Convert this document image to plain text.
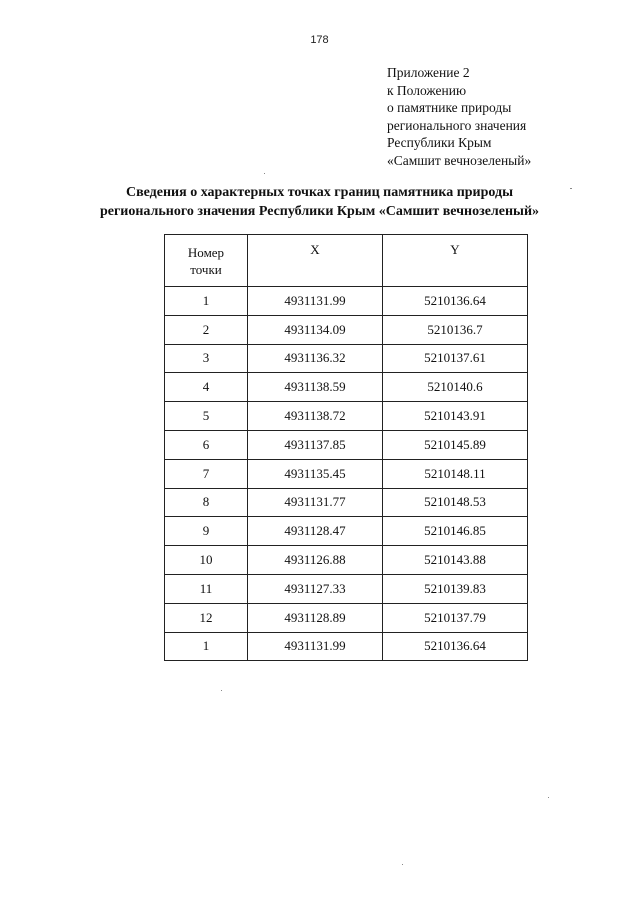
178
Приложение 2
к Положению
о памятнике природы
регионального значения
Республики Крым
«Самшит вечнозеленый»
Сведения о характерных точках границ памятника природы
регионального значения Республики Крым «Самшит вечнозеленый»
Номер
точки	X	Y
1	4931131.99	5210136.64
2	4931134.09	5210136.7
3	4931136.32	5210137.61
4	4931138.59	5210140.6
5	4931138.72	5210143.91
6	4931137.85	5210145.89
7	4931135.45	5210148.11
8	4931131.77	5210148.53
9	4931128.47	5210146.85
10	4931126.88	5210143.88
11	4931127.33	5210139.83
12	4931128.89	5210137.79
1	4931131.99	5210136.64
